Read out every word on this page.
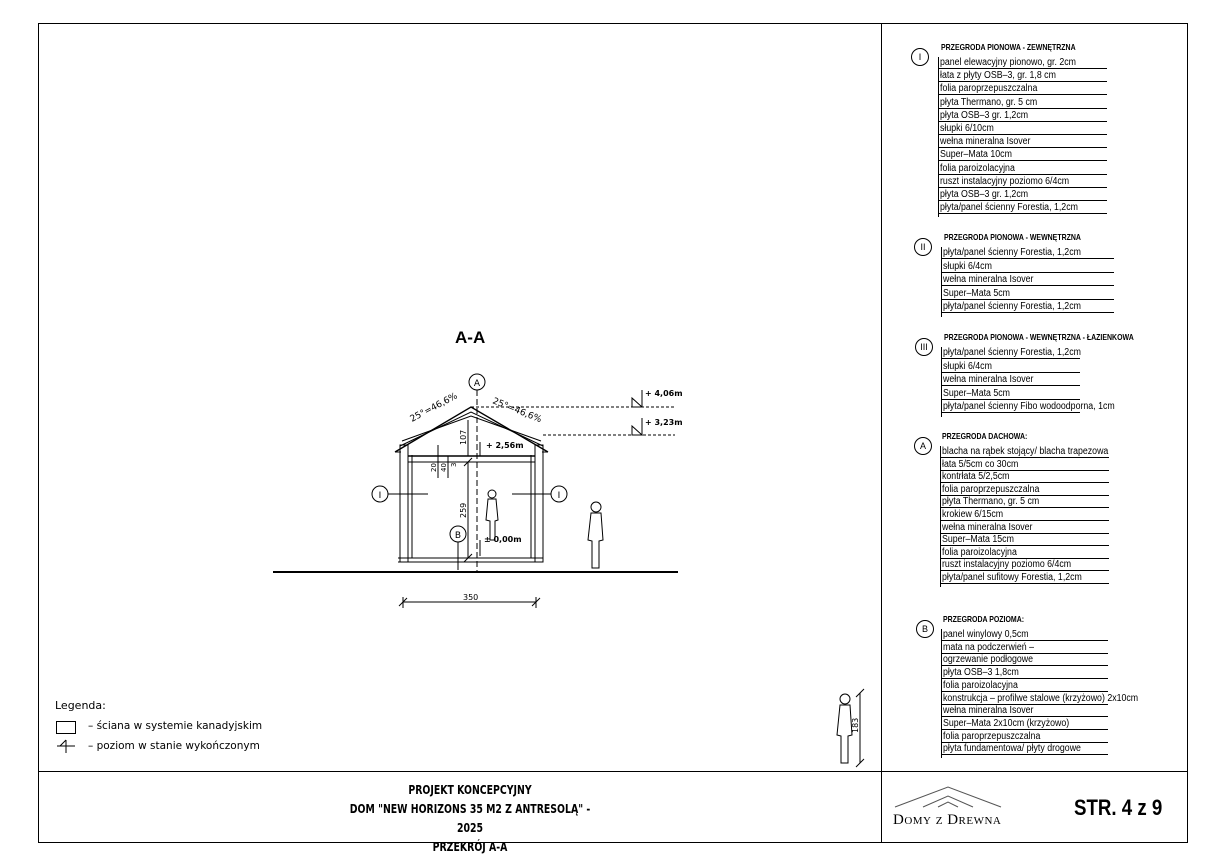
A-A
A
I	I
B
25°=46,6%	25°=46,6%
+ 4,06m
+ 3,23m
+ 2,56m
± 0,00m
259
107
20 40 3
350
183
Legenda:
– ściana w systemie kanadyjskim
– poziom w stanie wykończonym
PROJEKT KONCEPCYJNY
DOM "NEW HORIZONS 35 M2 Z ANTRESOLĄ" - 2025
PRZEKRÓJ A-A
Domy z Drewna	STR. 4 z 9
I
PRZEGRODA PIONOWA - ZEWNĘTRZNA
panel elewacyjny pionowo, gr. 2cm
łata z płyty OSB–3, gr. 1,8 cm
folia paroprzepuszczalna
płyta Thermano, gr. 5 cm
płyta OSB–3 gr. 1,2cm
słupki 6/10cm
wełna mineralna Isover
Super–Mata 10cm
folia paroizolacyjna
ruszt instalacyjny poziomo 6/4cm
płyta OSB–3 gr. 1,2cm
płyta/panel ścienny Forestia, 1,2cm
II
PRZEGRODA PIONOWA - WEWNĘTRZNA
płyta/panel ścienny Forestia, 1,2cm
słupki 6/4cm
wełna mineralna Isover
Super–Mata 5cm
płyta/panel ścienny Forestia, 1,2cm
III
PRZEGRODA PIONOWA - WEWNĘTRZNA - ŁAZIENKOWA
płyta/panel ścienny Forestia, 1,2cm
słupki 6/4cm
wełna mineralna Isover
Super–Mata 5cm
płyta/panel ścienny Fibo wodoodporna, 1cm
A
PRZEGRODA DACHOWA:
blacha na rąbek stojący/ blacha trapezowa
łata 5/5cm co 30cm
kontrłata 5/2,5cm
folia paroprzepuszczalna
płyta Thermano, gr. 5 cm
krokiew 6/15cm
wełna mineralna Isover
Super–Mata 15cm
folia paroizolacyjna
ruszt instalacyjny poziomo 6/4cm
płyta/panel sufitowy Forestia, 1,2cm
B
PRZEGRODA POZIOMA:
panel winylowy 0,5cm
mata na podczerwień –
ogrzewanie podłogowe
płyta OSB–3 1,8cm
folia paroizolacyjna
konstrukcja – profilwe stalowe (krzyżowo) 2x10cm
wełna mineralna Isover
Super–Mata 2x10cm (krzyżowo)
folia paroprzepuszczalna
płyta fundamentowa/ płyty drogowe
